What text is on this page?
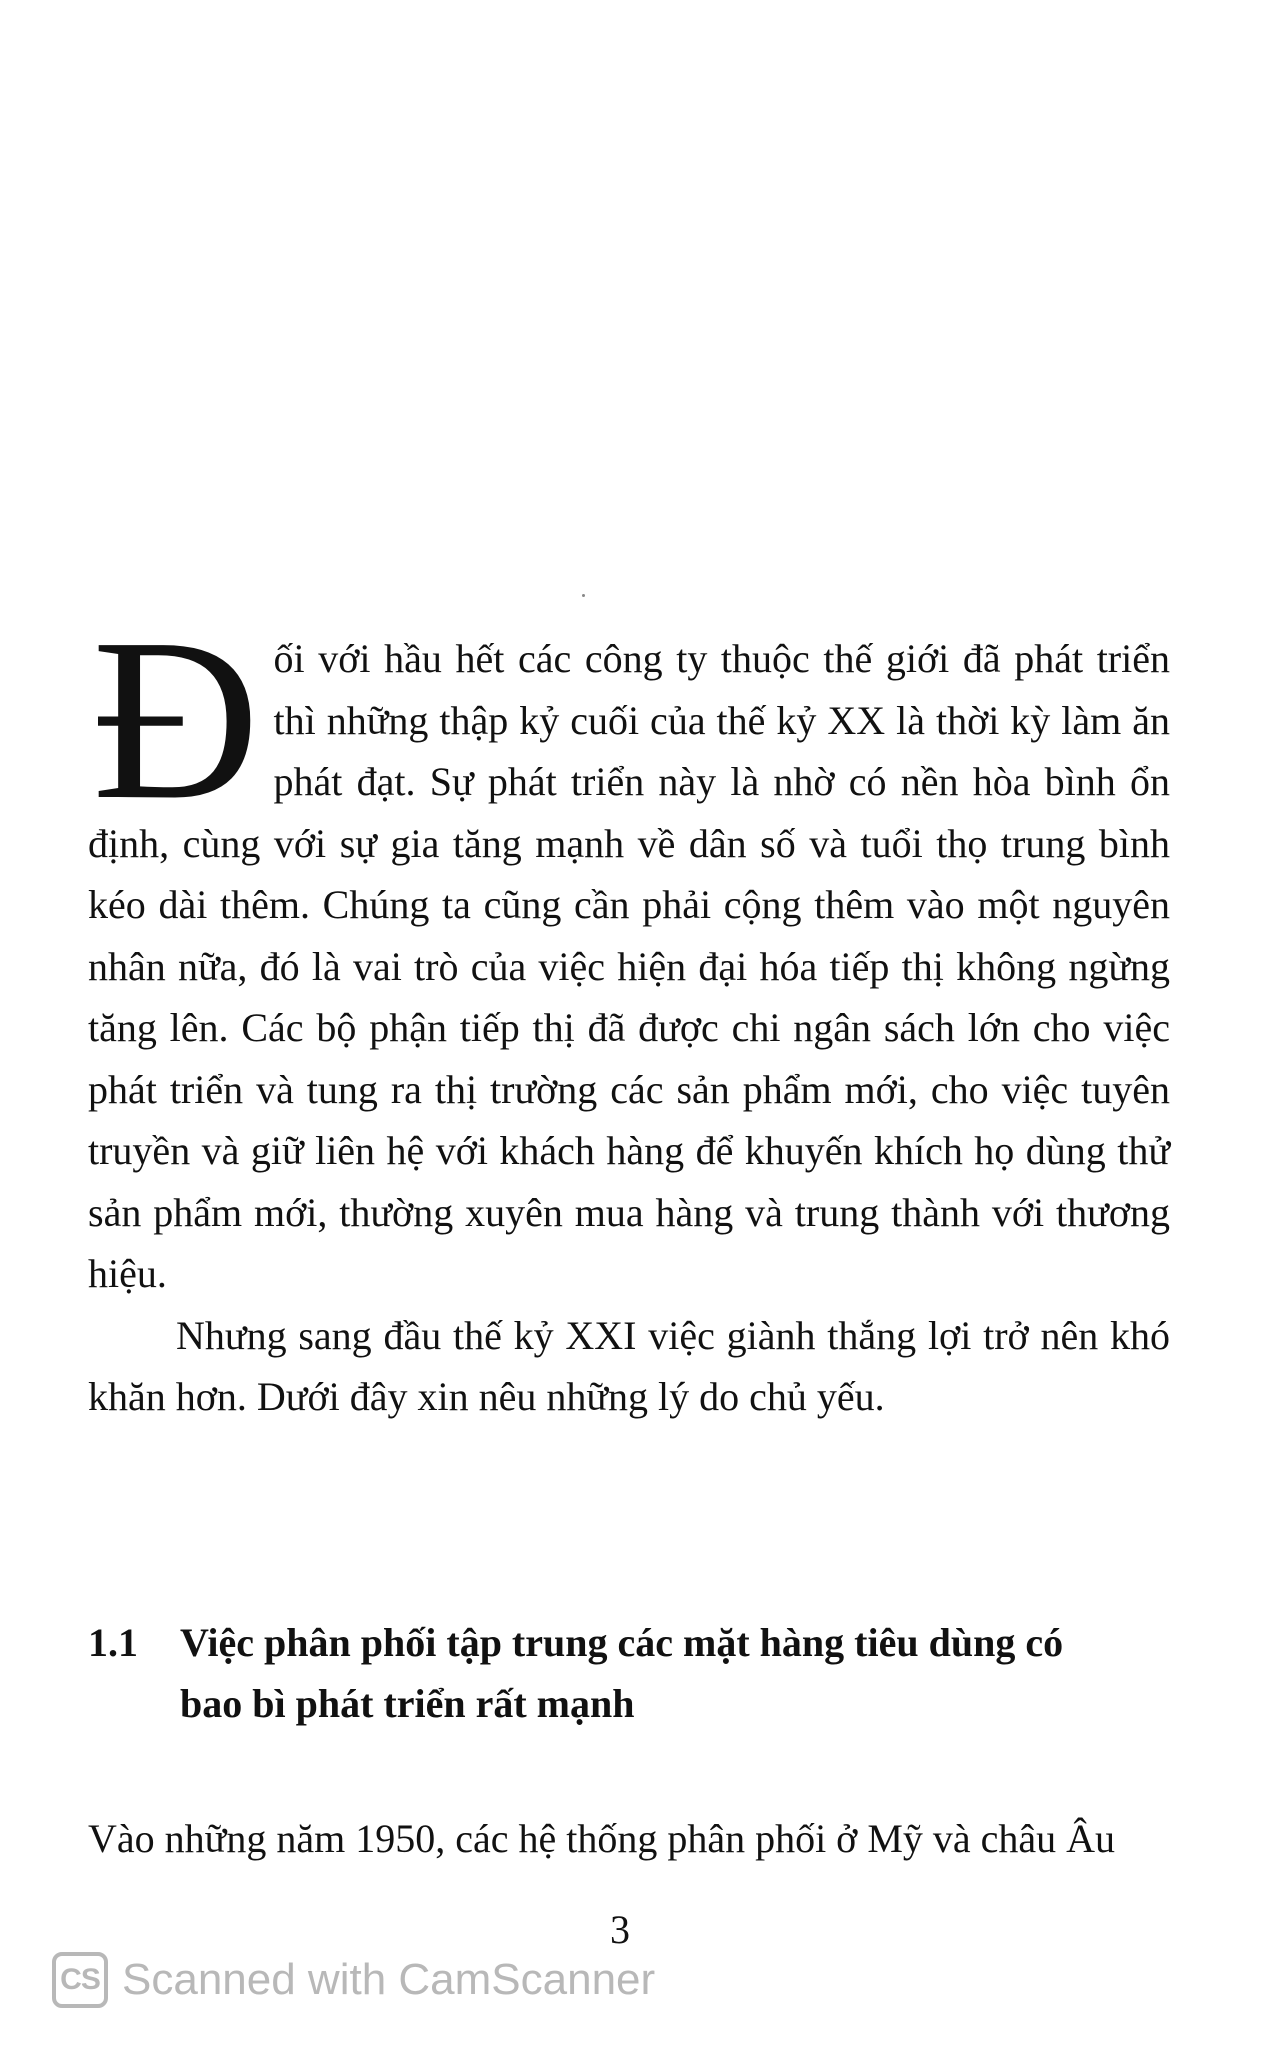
Đối với hầu hết các công ty thuộc thế giới đã phát triển thì những thập kỷ cuối của thế kỷ XX là thời kỳ làm ăn phát đạt. Sự phát triển này là nhờ có nền hòa bình ổn định, cùng với sự gia tăng mạnh về dân số và tuổi thọ trung bình kéo dài thêm. Chúng ta cũng cần phải cộng thêm vào một nguyên nhân nữa, đó là vai trò của việc hiện đại hóa tiếp thị không ngừng tăng lên. Các bộ phận tiếp thị đã được chi ngân sách lớn cho việc phát triển và tung ra thị trường các sản phẩm mới, cho việc tuyên truyền và giữ liên hệ với khách hàng để khuyến khích họ dùng thử sản phẩm mới, thường xuyên mua hàng và trung thành với thương hiệu.

Nhưng sang đầu thế kỷ XXI việc giành thắng lợi trở nên khó khăn hơn. Dưới đây xin nêu những lý do chủ yếu.

1.1	Việc phân phối tập trung các mặt hàng tiêu dùng có bao bì phát triển rất mạnh

Vào những năm 1950, các hệ thống phân phối ở Mỹ và châu Âu

3
CS Scanned with CamScanner
